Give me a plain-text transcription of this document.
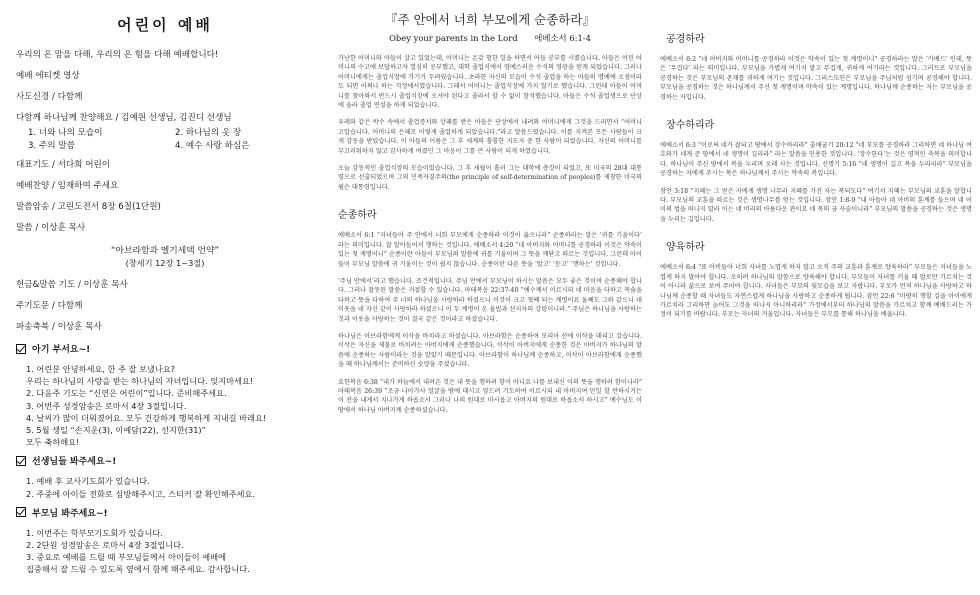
어린이 예배
우리의 온 맘을 다해, 우리의 온 힘을 다해 예배합니다!
예배 에티켓 영상
사도신경 / 다함께
다함께 하나님께 찬양해요 / 김예원 선생님, 김진디 선생님
1. 너와 나의 모습이	2. 하나님의 옷 장
3. 주의 말씀	4. 예수 사랑 하심은
대표기도 / 서다희 어린이
예배찬양 / 임재하여 주세요
말씀암송 / 고린도전서 8장 6절(1단원)
말씀 / 이상훈 목사
“아브라함과 멜기세덱 언약”
(창세기 12장 1~3절)
헌금&말씀 기도 / 이상훈 목사
주기도문 / 다함께
파송축복 / 이상훈 목사
아기 부서요~!
1. 어린분 안녕하세요, 한 주 잘 보냈나요?
우리는 하나님의 사랑을 받는 하나님의 자녀입니다. 잊지마세요!
2. 다음주 기도는 “신연은 어린이”입니다. 준비해주세요.
3. 어번주 성경암송은 로마서 4장 3절입니다.
4. 날씨가 많이 더워졌어요. 모두 건강하게 행복하게 지내길 바래요!
5. 5월 생일 “손지운(3), 이예담(22), 선지한(31)”
모두 축하해요!
선생님들 봐주세요~!
1. 예배 후 교사기도회가 있습니다.
2. 주중에 아이들 전화로 심방해주시고, 스티커 잘 확인해주세요.
부모님 봐주세요~!
1. 이번주는 학부모기도회가 있습니다.
2. 2단원 성경암송은 로마서 4장 3절입니다.
3. 중요로 예배를 드릴 때 부모님들께서 아이들이 예배에
집중해서 잘 드릴 수 있도록 옆에서 함께 해주세요. 감사합니다.
『주 안에서 너희 부모에게 순종하라』
Obey your parents in the Lord 에베소서 6:1-4
가난한 어머니와 아들이 살고 있었는데, 어머니는 온갖 험한 일을 하면서 아들 공부를 시켰습니다. 아들은 어린 어머니의 수고에 보답하고자 열심히 공부했고, 대학 졸업식에서 영예스러운 수석의 영광을 얻게 되었습니다. 그러나 어머니에게는 졸업식장에 가기가 두려웠습니다. 초라한 자신의 모습이 수석 졸업을 하는 아들의 명예에 오점이라도 되면 어쩌나 하는 걱정에서였습니다. 그래서 어머니는 졸업식장에 가지 않기로 했습니다. 그런데 아들이 어머니를 찾아와서 반드시 졸업식장에 오셔야 된다고 졸라서 할 수 없이 참석했습니다. 아들은 수석 졸업생으로 단상에 올라 졸업 연설을 하게 되었습니다.
우레와 같은 박수 속에서 졸업증서와 상패를 받은 아들은 단상에서 내려와 어머니에게 그것을 드리면서 “어머니 고맙습니다. 어머니의 은혜로 이렇게 졸업하게 되었습니다.”라고 말씀드렸습니다. 이를 지켜본 모든 사람들이 크게 감동을 받았습니다. 이 아들의 이름은 그 후 세계의 훌륭한 지도자 중 한 사람이 되었습니다. 자신의 어머니를 부끄러워하지 않고 감사하게 여겼던 그 마음이 그를 큰 사람이 되게 하였습니다.
오늘 감동적인 졸업식장의 모습이었습니다. 그 후 세월이 흘러 그는 대학에 총장이 되었고, 또 미국의 28대 대통령으로 선출되었으며 그의 민족자결주의(the principle of self-determination of peoples)를 제창한 미국의 윌슨 대통령입니다.
순종하라
에베소서 6:1 “자녀들아 주 안에서 너희 부모에게 순종하라 이것이 옳으니라” 순종하라는 말은 ‘귀를 기울이다’ 라는 의미입니다. 잘 알아들어서 행하는 것입니다. 에베소서 4:20 “네 아버지와 어머니를 공경하라 이것은 약속이 있는 첫 계명이니” 순종이란 아들이 부모님의 말씀에 귀를 기울이며 그 뜻을 깨닫고 따르는 것입니다. 그런데 아이들이 부모님 말씀에 귀 기울이는 것이 쉽지 않습니다. 순종이란 다른 뜻을 ‘알고’ ‘듣고’ ‘행하는’ 것입니다.
‘주님 안에서’라고 했습니다. 조건적입니다. 주님 안에서 부모님이 하시는 말씀은 모두 좋은 것이며 순종해야 합니다. 그러나 잘못된 말씀은 거절할 수 있습니다. 마태복음 22:37-40 “예수께서 이르시되 네 마음을 다하고 목숨을 다하고 뜻을 다하여 주 너의 하나님을 사랑하라 하셨으니 이것이 크고 첫째 되는 계명이요 둘째도 그와 같으니 네 이웃을 네 자신 같이 사랑하라 하셨으니 이 두 계명이 온 율법과 선지자의 강령이니라.” 주님은 하나님을 사랑하는 것과 이웃을 사랑하는 것이 결국 같은 것이라고 하셨습니다.
하나님은 아브라함에게 이삭을 바치라고 하셨습니다. 아브라함은 순종하여 모리아 산에 이삭을 데리고 갔습니다. 이삭은 자신을 제물로 바치려는 아버지에게 순종했습니다. 이삭이 아버지에게 순종한 것은 아버지가 하나님의 말씀에 순종하는 사람이라는 것을 알았기 때문입니다. 아브라함이 하나님께 순종하고, 이삭이 아브라함에게 순종했을 때 하나님께서는 준비하신 숫양을 주셨습니다.
요한복음 6:38 “내가 하늘에서 내려온 것은 내 뜻을 행하려 함이 아니요 나를 보내신 이의 뜻을 행하려 함이니라” 마태복음 26:39 “조금 나아가사 얼굴을 땅에 대시고 엎드려 기도하여 이르시되 내 아버지여 만일 할 만하시거든 이 잔을 내게서 지나가게 하옵소서 그러나 나의 원대로 마시옵고 아버지의 원대로 하옵소서 하시고” 예수님도 이 땅에서 하나님 아버지께 순종하셨습니다.
공경하라
에베소서 6:2 “네 아버지와 어머니를 공경하라 이것은 약속이 있는 첫 계명이니” 공경하라는 말은 ‘카베드’ 인데, 뜻은 ‘무겁다’ 라는 의미입니다. 부모님을 가볍게 여기지 말고 무겁게, 귀하게 여기라는 것입니다. 그러므로 부모님을 공경하는 것은 부모님의 존재를 귀하게 여기는 것입니다. 그리스도인은 부모님을 주님처럼 섬기며 공경해야 합니다. 부모님을 공경하는 것은 하나님께서 주신 첫 계명이며 약속이 있는 계명입니다. 하나님께 순종하는 자는 부모님을 공경하는 자입니다.
장수하리라
에베소서 6:3 “이로써 네가 잘되고 땅에서 장수하리라” 출애굽기 20:12 “네 부모를 공경하라 그리하면 네 하나님 여호와가 네게 준 땅에서 네 생명이 길리라” 라는 말씀을 인용한 것입니다. ‘장수한다’는 것은 영적인 축복을 의미합니다. 하나님이 주신 땅에서 복을 누리며 오래 사는 것입니다. 신명기 5:16 “네 생명이 길고 복을 누리리라” 부모님을 공경하는 자에게 주시는 복은 하나님께서 주시는 약속의 복입니다.
잠언 3:18 “지혜는 그 얻은 자에게 생명 나무라 지혜를 가진 자는 복되도다” 여기서 지혜는 부모님의 교훈을 말합니다. 부모님의 교훈을 따르는 것은 생명나무를 얻는 것입니다. 잠언 1:8-9 “내 아들아 네 아비의 훈계를 들으며 네 어미의 법을 떠나지 말라 이는 네 머리의 아름다운 관이요 네 목의 금 사슬이니라” 부모님의 말씀을 공경하는 것은 생명을 누리는 길입니다.
양육하라
에베소서 6:4 “또 아비들아 너희 자녀를 노엽게 하지 말고 오직 주의 교훈과 훈계로 양육하라” 부모들은 자녀들을 노엽게 하지 말아야 합니다. 오히려 하나님의 말씀으로 양육해야 합니다. 부모들이 자녀를 키울 때 말로만 가르치는 것이 아니라 삶으로 보여 주어야 합니다. 자녀들은 부모의 뒷모습을 보고 자랍니다. 부모가 먼저 하나님을 사랑하고 하나님께 순종할 때 자녀들도 자연스럽게 하나님을 사랑하고 순종하게 됩니다. 잠언 22:6 “마땅히 행할 길을 아이에게 가르치라 그리하면 늙어도 그것을 떠나지 아니하리라” 가정에서부터 하나님의 말씀을 가르치고 함께 예배드리는 가정이 되기를 바랍니다. 부모는 자녀의 거울입니다. 자녀들은 부모를 통해 하나님을 배웁니다.
